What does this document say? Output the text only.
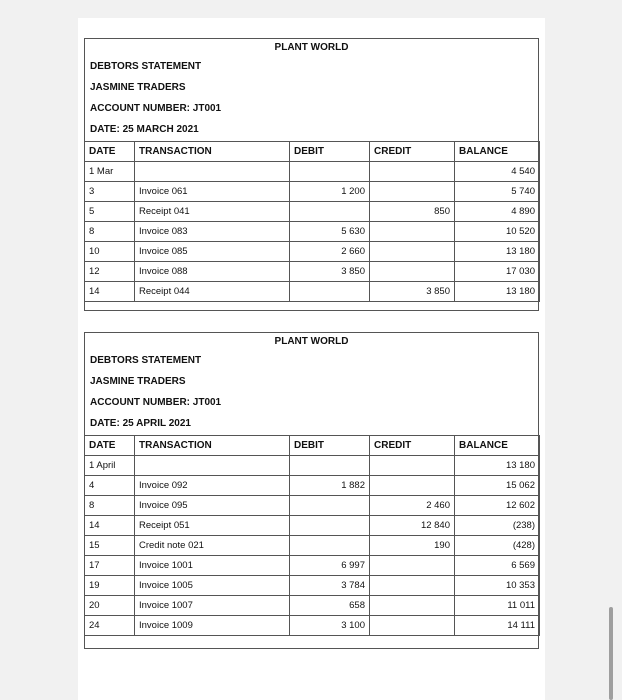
PLANT WORLD
DEBTORS STATEMENT
JASMINE TRADERS
ACCOUNT NUMBER: JT001
DATE: 25 MARCH 2021
DATE	TRANSACTION	DEBIT	CREDIT	BALANCE
1 Mar				4 540
3	Invoice 061	1 200		5 740
5	Receipt 041		850	4 890
8	Invoice 083	5 630		10 520
10	Invoice 085	2 660		13 180
12	Invoice 088	3 850		17 030
14	Receipt 044		3 850	13 180
PLANT WORLD
DEBTORS STATEMENT
JASMINE TRADERS
ACCOUNT NUMBER: JT001
DATE: 25 APRIL 2021
DATE	TRANSACTION	DEBIT	CREDIT	BALANCE
1 April				13 180
4	Invoice 092	1 882		15 062
8	Invoice 095		2 460	12 602
14	Receipt 051		12 840	(238)
15	Credit note 021		190	(428)
17	Invoice 1001	6 997		6 569
19	Invoice 1005	3 784		10 353
20	Invoice 1007	658		11 011
24	Invoice 1009	3 100		14 111
